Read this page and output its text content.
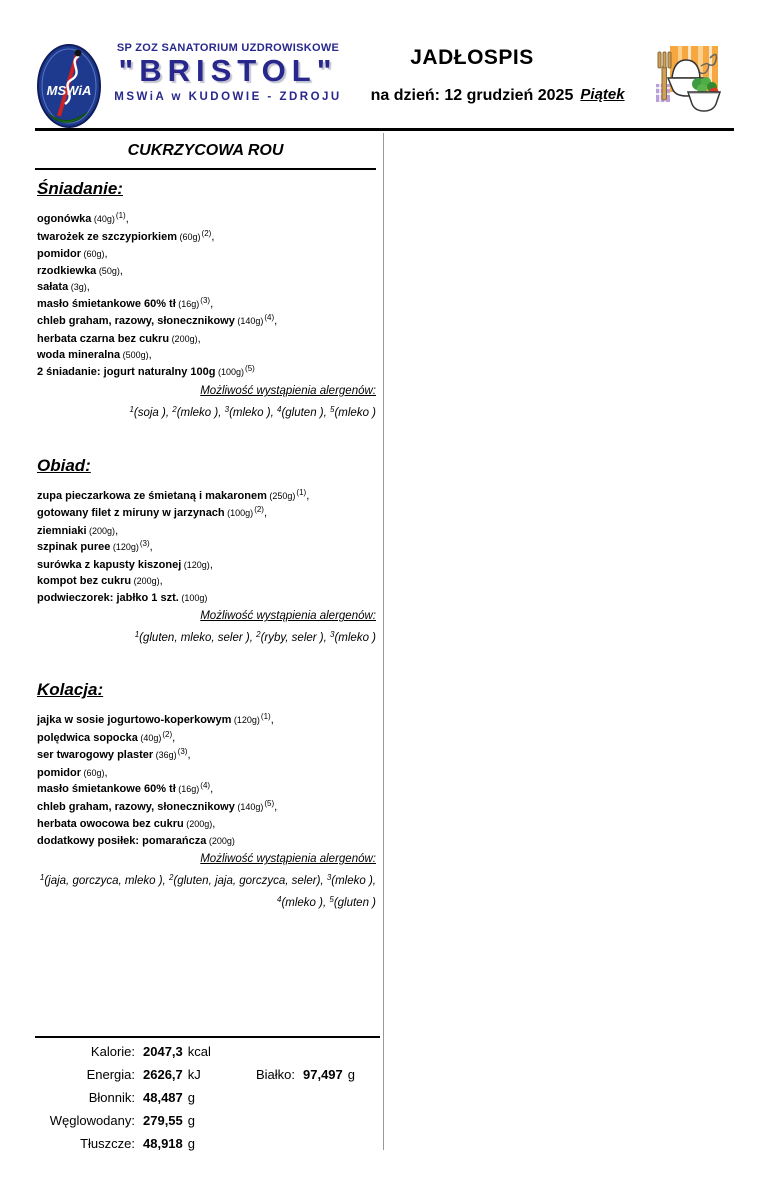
MSWiA
SP ZOZ SANATORIUM UZDROWISKOWE
"BRISTOL"
MSWiA w KUDOWIE - ZDROJU
JADŁOSPIS
na dzień: 12 grudzień 2025 Piątek
CUKRZYCOWA ROU
Śniadanie:
ogonówka $(40g)^{(1)}$,
twarożek ze szczypiorkiem $(60g)^{(2)}$,
pomidor (60g),
rzodkiewka (50g),
sałata (3g),
masło śmietankowe 60% tł $(16g)^{(3)}$,
chleb graham, razowy, słonecznikowy $(140g)^{(4)}$,
herbata czarna bez cukru (200g),
woda mineralna (500g),
2 śniadanie: jogurt naturalny 100g $(100g)^{(5)}$
Możliwość wystąpienia alergenów:
$^1$(soja ), $^2$(mleko ), $^3$(mleko ), $^4$(gluten ), $^5$(mleko )
Obiad:
zupa pieczarkowa ze śmietaną i makaronem $(250g)^{(1)}$,
gotowany filet z miruny w jarzynach $(100g)^{(2)}$,
ziemniaki (200g),
szpinak puree $(120g)^{(3)}$,
surówka z kapusty kiszonej (120g),
kompot bez cukru (200g),
podwieczorek: jabłko 1 szt. (100g)
Możliwość wystąpienia alergenów:
$^1$(gluten, mleko, seler ), $^2$(ryby, seler ), $^3$(mleko )
Kolacja:
jajka w sosie jogurtowo-koperkowym $(120g)^{(1)}$,
polędwica sopocka $(40g)^{(2)}$,
ser twarogowy plaster $(36g)^{(3)}$,
pomidor (60g),
masło śmietankowe 60% tł $(16g)^{(4)}$,
chleb graham, razowy, słonecznikowy $(140g)^{(5)}$,
herbata owocowa bez cukru (200g),
dodatkowy posiłek: pomarańcza (200g)
Możliwość wystąpienia alergenów:
$^1$(jaja, gorczyca, mleko ), $^2$(gluten, jaja, gorczyca, seler), $^3$(mleko ),
$^4$(mleko ), $^5$(gluten )
Kalorie: 2047,3 kcal
Energia: 2626,7 kJ	Białko: 97,497 g
Błonnik: 48,487 g
Węglowodany: 279,55 g
Tłuszcze: 48,918 g
